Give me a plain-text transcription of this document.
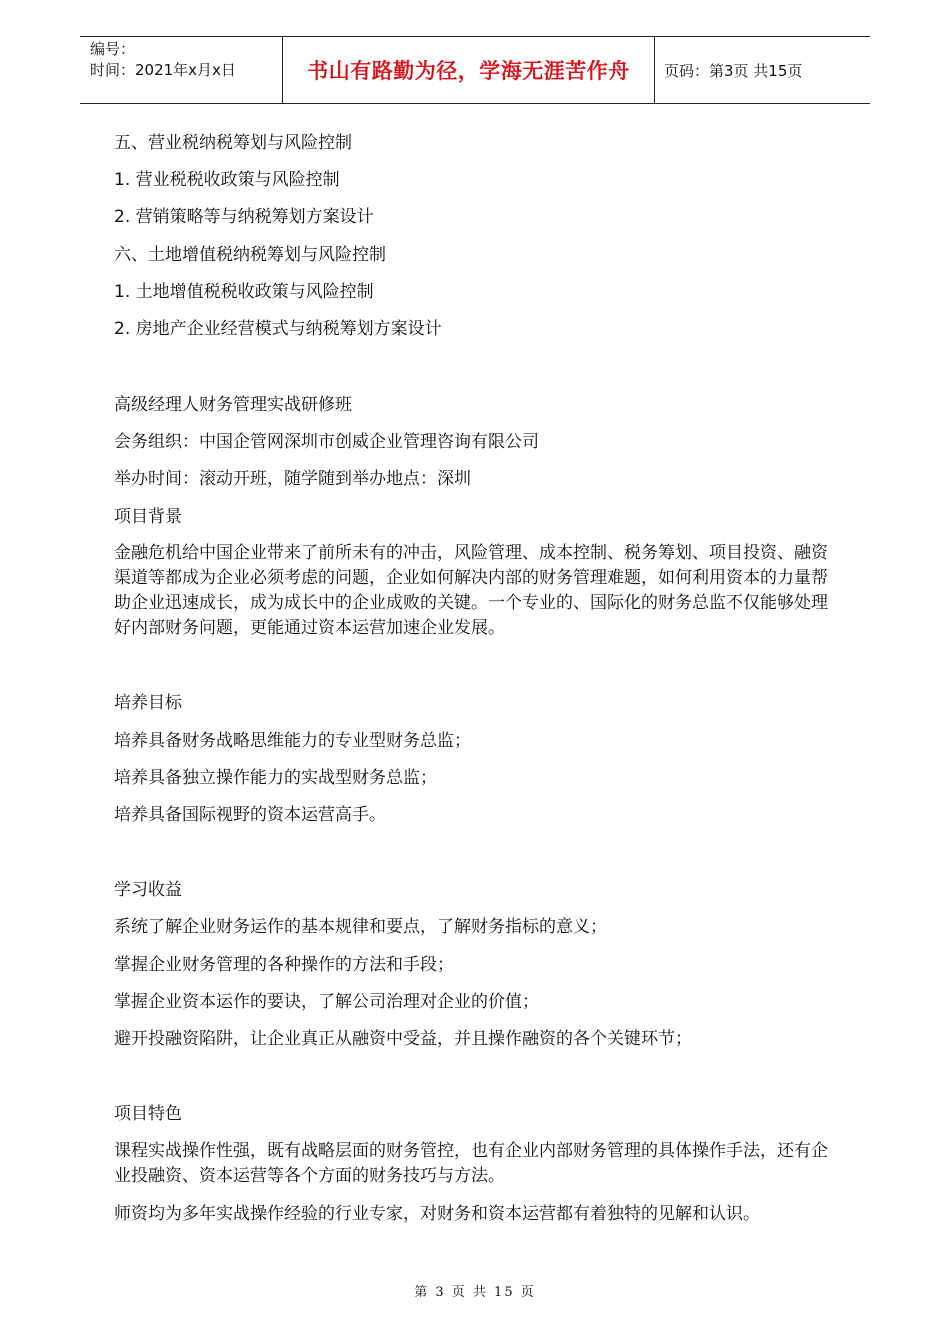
编号：
时间：2021年x月x日	书山有路勤为径，学海无涯苦作舟	页码：第3页 共15页

五、营业税纳税筹划与风险控制

1. 营业税税收政策与风险控制

2. 营销策略等与纳税筹划方案设计

六、土地增值税纳税筹划与风险控制

1. 土地增值税税收政策与风险控制

2. 房地产企业经营模式与纳税筹划方案设计

高级经理人财务管理实战研修班

会务组织：中国企管网深圳市创威企业管理咨询有限公司

举办时间：滚动开班，随学随到举办地点：深圳

项目背景

金融危机给中国企业带来了前所未有的冲击，风险管理、成本控制、税务筹划、项目投资、融资渠道等都成为企业必须考虑的问题，企业如何解决内部的财务管理难题，如何利用资本的力量帮助企业迅速成长，成为成长中的企业成败的关键。一个专业的、国际化的财务总监不仅能够处理好内部财务问题，更能通过资本运营加速企业发展。

培养目标

培养具备财务战略思维能力的专业型财务总监；

培养具备独立操作能力的实战型财务总监；

培养具备国际视野的资本运营高手。

学习收益

系统了解企业财务运作的基本规律和要点，了解财务指标的意义；

掌握企业财务管理的各种操作的方法和手段；

掌握企业资本运作的要诀，了解公司治理对企业的价值；

避开投融资陷阱，让企业真正从融资中受益，并且操作融资的各个关键环节；

项目特色

课程实战操作性强，既有战略层面的财务管控，也有企业内部财务管理的具体操作手法，还有企业投融资、资本运营等各个方面的财务技巧与方法。

师资均为多年实战操作经验的行业专家，对财务和资本运营都有着独特的见解和认识。

第 3 页 共 15 页
